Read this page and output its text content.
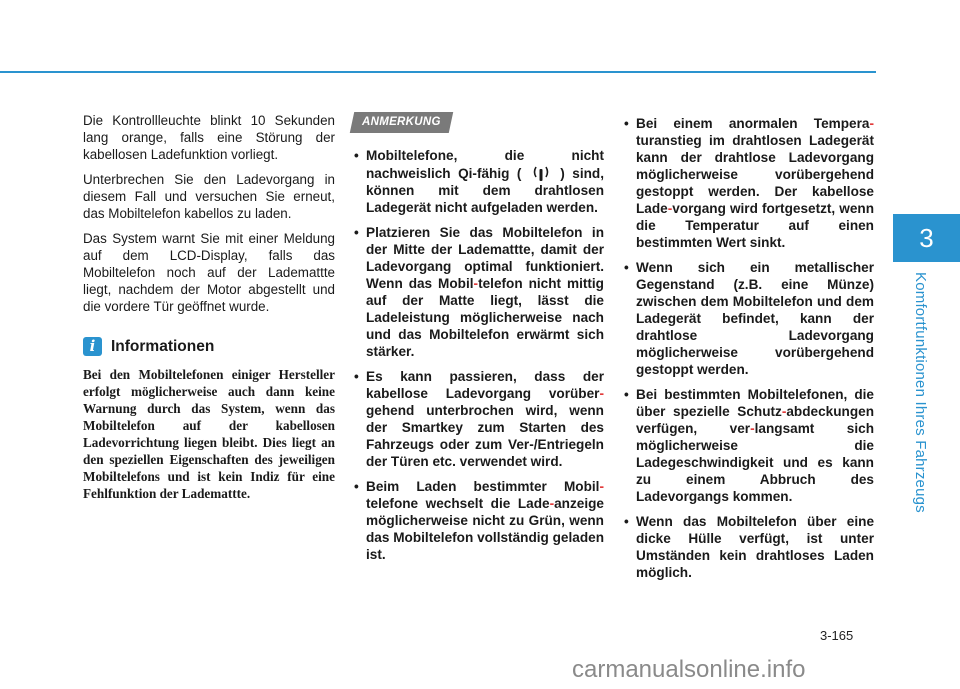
3
Komfortfunktionen Ihres Fahrzeugs

Die Kontrollleuchte blinkt 10 Sekunden lang orange, falls eine Störung der kabellosen Ladefunktion vorliegt.

Unterbrechen Sie den Ladevorgang in diesem Fall und versuchen Sie erneut, das Mobiltelefon kabellos zu laden.

Das System warnt Sie mit einer Meldung auf dem LCD-Display, falls das Mobiltelefon noch auf der Lademattte liegt, nachdem der Motor abgestellt und die vordere Tür geöffnet wurde.

i	Informationen

Bei den Mobiltelefonen einiger Hersteller erfolgt möglicherweise auch dann keine Warnung durch das System, wenn das Mobiltelefon auf der kabellosen Ladevorrichtung liegen bleibt. Dies liegt an den speziellen Eigenschaften des jeweiligen Mobiltelefons und ist kein Indiz für eine Fehlfunktion der Lademattte.

ANMERKUNG
• Mobiltelefone, die nicht nachweislich Qi-fähig (	) sind, können mit dem drahtlosen Ladegerät nicht aufgeladen werden.
• Platzieren Sie das Mobiltelefon in der Mitte der Lademattte, damit der Ladevorgang optimal funktioniert. Wenn das Mobil-telefon nicht mittig auf der Matte liegt, lässt die Ladeleistung möglicherweise nach und das Mobiltelefon erwärmt sich stärker.
• Es kann passieren, dass der kabellose Ladevorgang vorüber-gehend unterbrochen wird, wenn der Smartkey zum Starten des Fahrzeugs oder zum Ver-/Entriegeln der Türen etc. verwendet wird.
• Beim Laden bestimmter Mobil-telefone wechselt die Lade-anzeige möglicherweise nicht zu Grün, wenn das Mobiltelefon vollständig geladen ist.
• Bei einem anormalen Tempera-turanstieg im drahtlosen Ladegerät kann der drahtlose Ladevorgang möglicherweise vorübergehend gestoppt werden. Der kabellose Lade-vorgang wird fortgesetzt, wenn die Temperatur auf einen bestimmten Wert sinkt.
• Wenn sich ein metallischer Gegenstand (z.B. eine Münze) zwischen dem Mobiltelefon und dem Ladegerät befindet, kann der drahtlose Ladevorgang möglicherweise vorübergehend gestoppt werden.
• Bei bestimmten Mobiltelefonen, die über spezielle Schutz-abdeckungen verfügen, ver-langsamt sich möglicherweise die Ladegeschwindigkeit und es kann zu einem Abbruch des Ladevorgangs kommen.
• Wenn das Mobiltelefon über eine dicke Hülle verfügt, ist unter Umständen kein drahtloses Laden möglich.
3-165
carmanualsonline.info
